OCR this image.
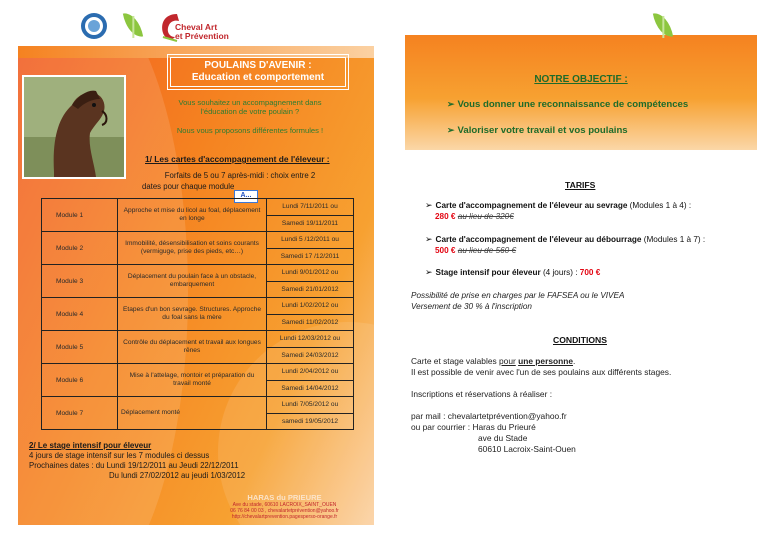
Cheval Art
et Prévention
POULAINS D'AVENIR :
Education et comportement
Vous souhaitez un accompagnement dans
l'éducation de votre poulain ?
Nous vous proposons différentes formules !
1/ Les cartes d'accompagnement de l'éleveur :
Forfaits de 5 ou 7 après-midi : choix entre 2
dates pour chaque module
A...
Module 1	Approche et mise du licol au foal, déplacement en longe	Lundi 7/11/2011 ou
Samedi 19/11/2011

Module 2	Immobilité, désensibilisation et soins courants (vermiguge, prise des pieds, etc…)	Lundi 5 /12/2011 ou
Samedi 17 /12/2011

Module 3	Déplacement du poulain face à un obstacle, embarquement	Lundi 9/01/2012 ou
Samedi 21/01/2012

Module 4	Etapes d'un bon sevrage. Structures. Approche du foal sans la mère	Lundi 1/02/2012 ou
Samedi 11/02/2012

Module 5	Contrôle du déplacement et travail aux longues rênes	Lundi 12/03/2012 ou
Samedi 24/03/2012

Module 6	Mise à l'attelage, montoir et préparation du travail monté	Lundi 2/04/2012 ou
Samedi 14/04/2012

Module 7	Déplacement monté	Lundi 7/05/2012 ou
samedi 19/05/2012
2/ Le stage intensif pour éleveur
4 jours de stage intensif sur les 7 modules ci dessus
Prochaines dates : du Lundi 19/12/2011 au Jeudi 22/12/2011
Du lundi 27/02/2012 au jeudi 1/03/2012
HARAS du PRIEURE
Ave du stade, 60610 LACROIX_SAINT_OUEN
06 76 84 00 03 , chevalartetprévention@yahoo.fr
http://chevalartprevention.pagesperso-orange.fr
NOTRE OBJECTIF :
➢ Vous donner une reconnaissance de compétences
➢ Valoriser votre travail et vos poulains
TARIFS
➢ Carte d'accompagnement de l'éleveur au sevrage (Modules 1 à 4) :
280 € au lieu de 320€
➢ Carte d'accompagnement de l'éleveur au débourrage (Modules 1 à 7) :
500 € au lieu de 560 €
➢ Stage intensif pour éleveur (4 jours) : 700 €
Possibilité de prise en charges par le FAFSEA ou le VIVEA
Versement de 30 % à l'inscription
CONDITIONS
Carte et stage valables pour une personne.
Il est possible de venir avec l'un de ses poulains aux différents stages.
Inscriptions et réservations à réaliser :
par mail : chevalartetprévention@yahoo.fr
ou par courrier : Haras du Prieuré
ave du Stade
60610 Lacroix-Saint-Ouen
